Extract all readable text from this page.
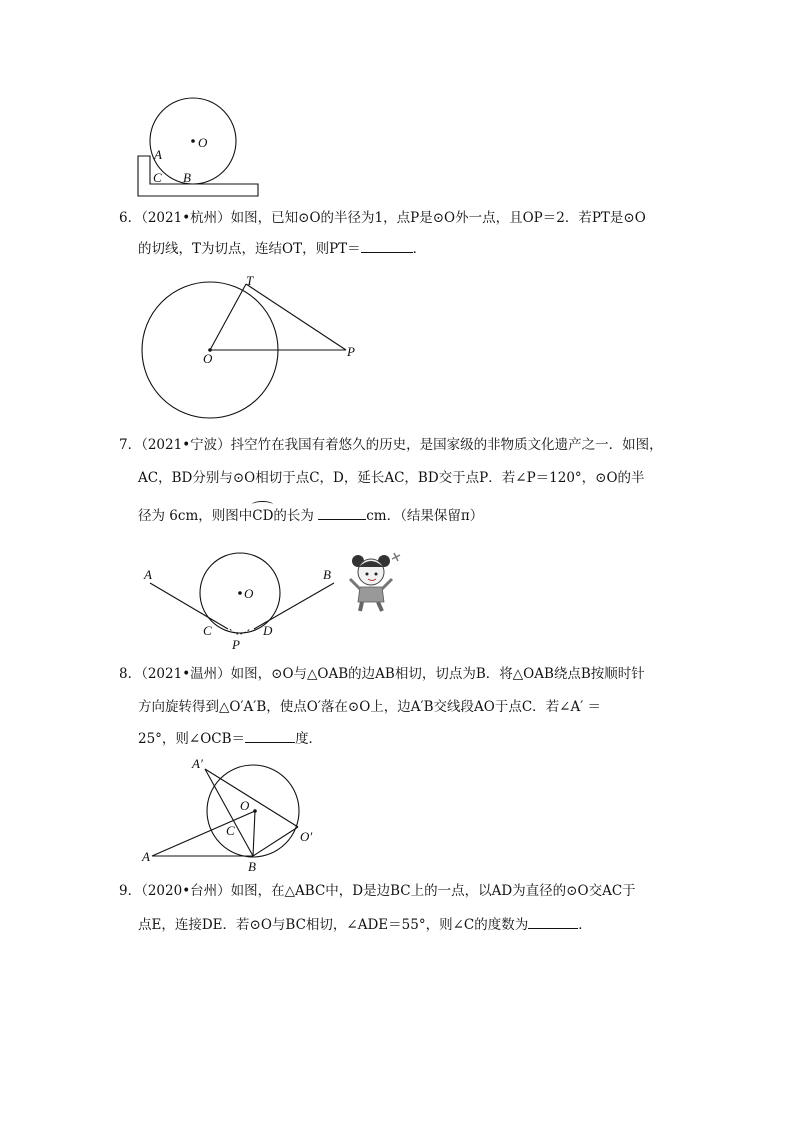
O
A
C B
6．（2021•杭州）如图，已知⊙O的半径为1，点P是⊙O外一点，且OP＝2．若PT是⊙O
的切线，T为切点，连结OT，则PT＝	．
T
O	P
7．（2021•宁波）抖空竹在我国有着悠久的历史，是国家级的非物质文化遗产之一．如图，
AC，BD分别与⊙O相切于点C，D，延长AC，BD交于点P．若∠P＝120°，⊙O的半
径为 6cm，则图中CD的长为	cm．（结果保留π）
A	B
O
C	D
P
8．（2021•温州）如图，⊙O与△OAB的边AB相切，切点为B．将△OAB绕点B按顺时针
方向旋转得到△O′A′B，使点O′落在⊙O上，边A′B交线段AO于点C．若∠A′ ＝
25°，则∠OCB＝	度．
A′
O
C	O′
A
B
9．（2020•台州）如图，在△ABC中，D是边BC上的一点，以AD为直径的⊙O交AC于
点E，连接DE．若⊙O与BC相切，∠ADE＝55°，则∠C的度数为	．
